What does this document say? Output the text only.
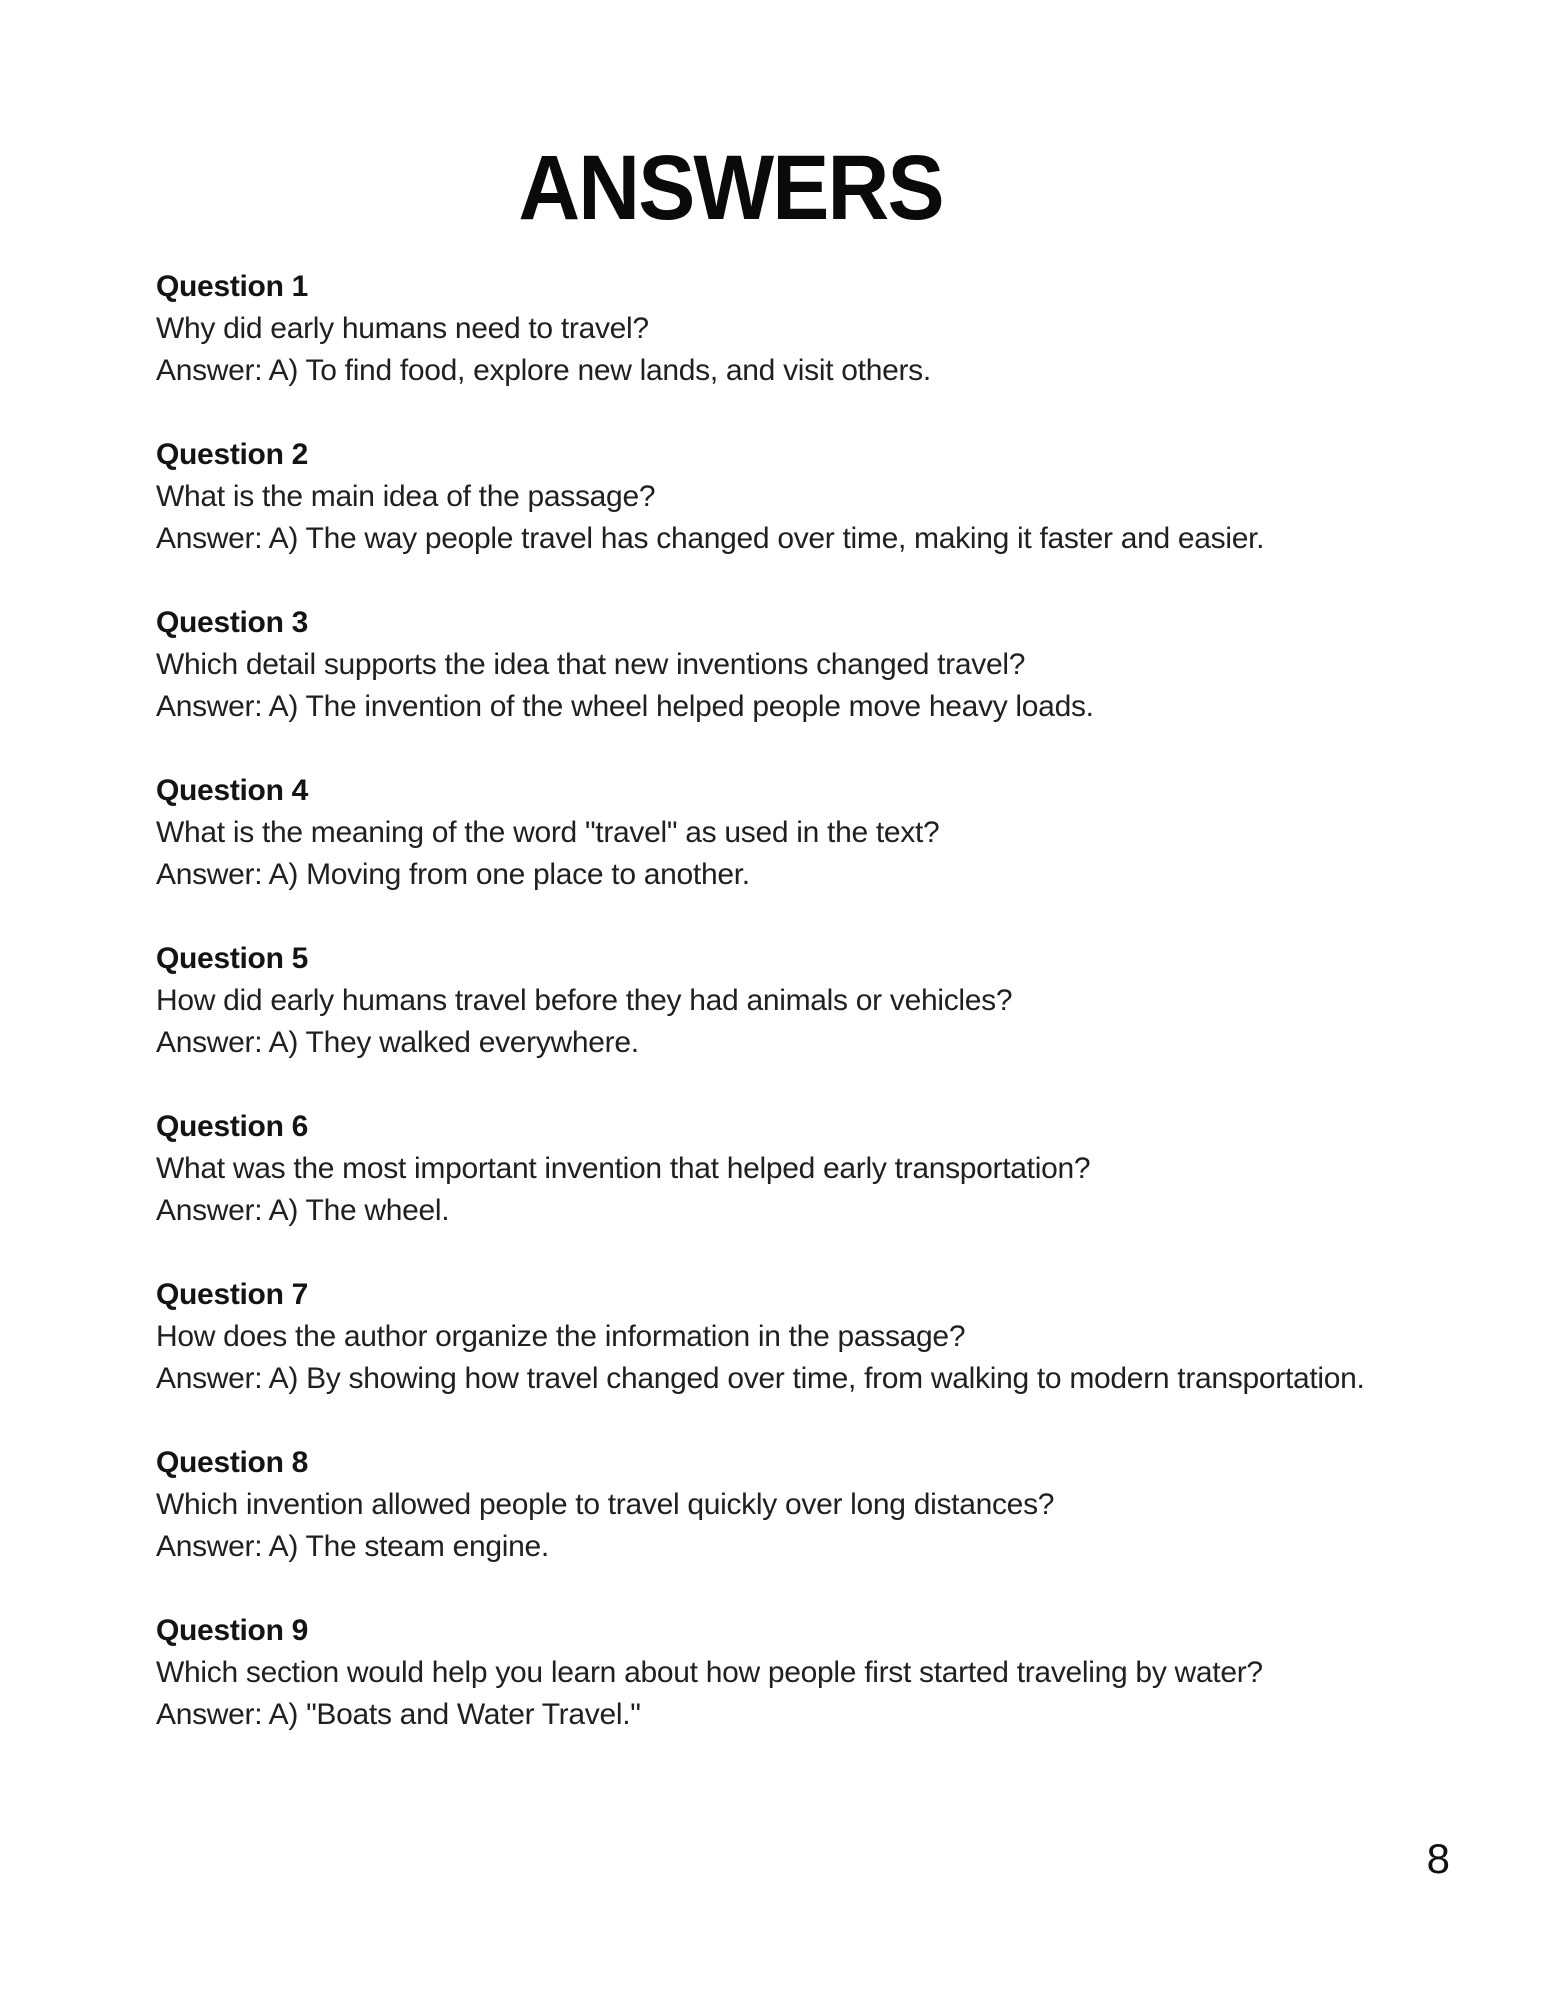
ANSWERS
Question 1

Why did early humans need to travel?

Answer: A) To find food, explore new lands, and visit others.

Question 2

What is the main idea of the passage?

Answer: A) The way people travel has changed over time, making it faster and easier.

Question 3

Which detail supports the idea that new inventions changed travel?

Answer: A) The invention of the wheel helped people move heavy loads.

Question 4

What is the meaning of the word "travel" as used in the text?

Answer: A) Moving from one place to another.

Question 5

How did early humans travel before they had animals or vehicles?

Answer: A) They walked everywhere.

Question 6

What was the most important invention that helped early transportation?

Answer: A) The wheel.

Question 7

How does the author organize the information in the passage?

Answer: A) By showing how travel changed over time, from walking to modern transportation.

Question 8

Which invention allowed people to travel quickly over long distances?

Answer: A) The steam engine.

Question 9

Which section would help you learn about how people first started traveling by water?

Answer: A) "Boats and Water Travel."

8
